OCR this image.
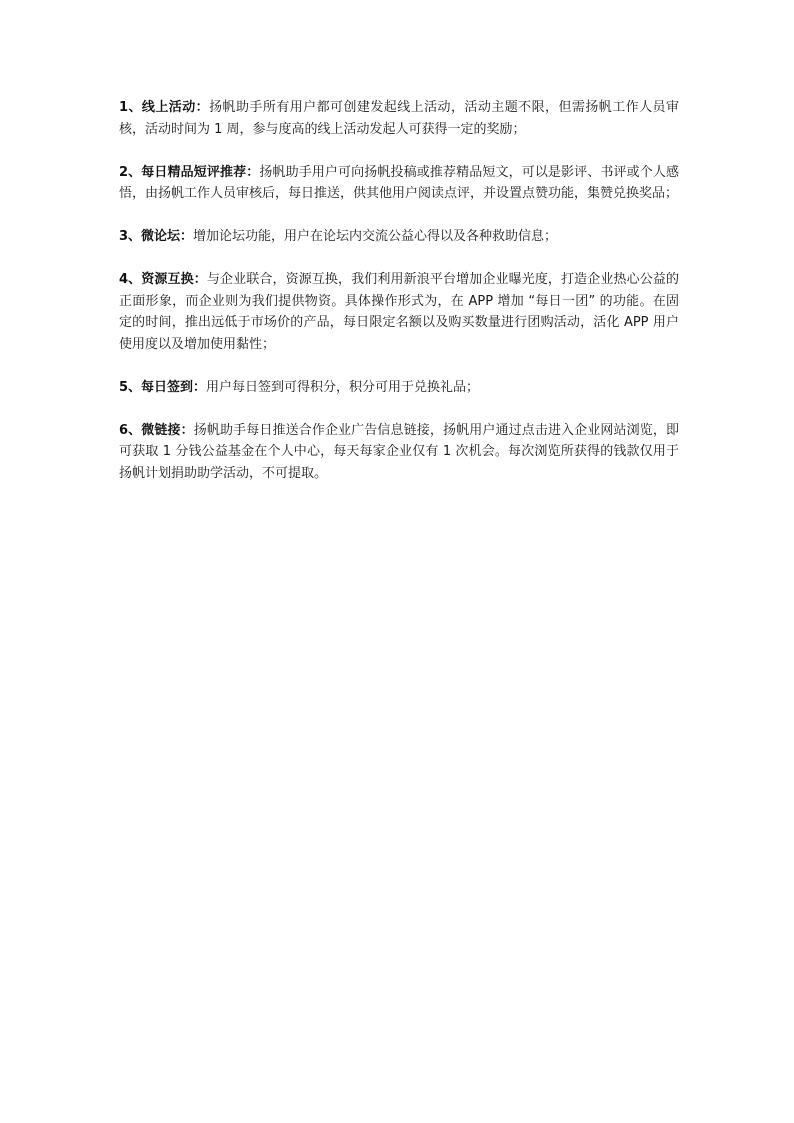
1、线上活动：扬帆助手所有用户都可创建发起线上活动，活动主题不限，但需扬帆工作人员审核，活动时间为 1 周，参与度高的线上活动发起人可获得一定的奖励；

2、每日精品短评推荐：扬帆助手用户可向扬帆投稿或推荐精品短文，可以是影评、书评或个人感悟，由扬帆工作人员审核后，每日推送，供其他用户阅读点评，并设置点赞功能，集赞兑换奖品；

3、微论坛：增加论坛功能，用户在论坛内交流公益心得以及各种救助信息；

4、资源互换：与企业联合，资源互换，我们利用新浪平台增加企业曝光度，打造企业热心公益的正面形象，而企业则为我们提供物资。具体操作形式为，在 APP 增加 “每日一团” 的功能。在固定的时间，推出远低于市场价的产品，每日限定名额以及购买数量进行团购活动，活化 APP 用户使用度以及增加使用黏性；

5、每日签到：用户每日签到可得积分，积分可用于兑换礼品；

6、微链接：扬帆助手每日推送合作企业广告信息链接，扬帆用户通过点击进入企业网站浏览，即可获取 1 分钱公益基金在个人中心，每天每家企业仅有 1 次机会。每次浏览所获得的钱款仅用于扬帆计划捐助助学活动，不可提取。
